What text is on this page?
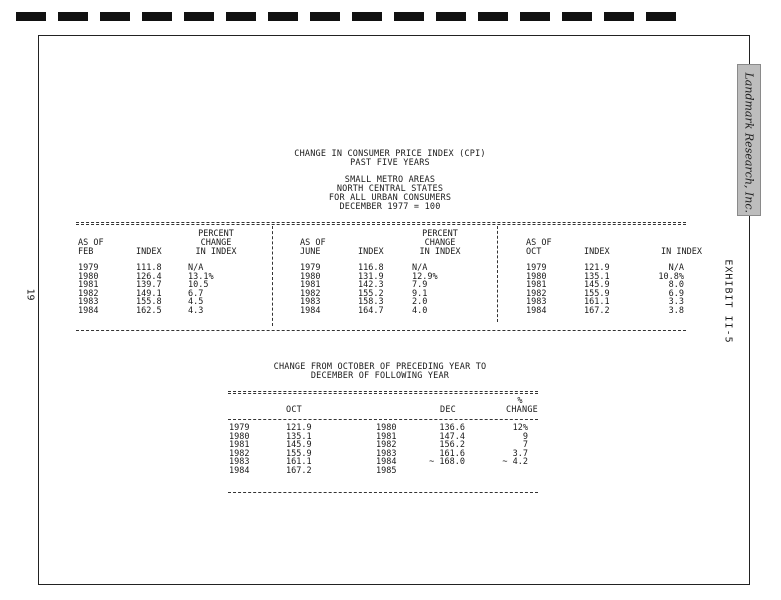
19	EXHIBIT II-5
Landmark Research, Inc.
CHANGE IN CONSUMER PRICE INDEX (CPI)
PAST FIVE YEARS
SMALL METRO AREAS
NORTH CENTRAL STATES
FOR ALL URBAN CONSUMERS
DECEMBER 1977 = 100
PERCENT
CHANGE
AS OF
FEB	INDEX	IN INDEX
1979	111.8	N/A
1980	126.4	13.1%
1981	139.7	10.5
1982	149.1	6.7
1983	155.8	4.5
1984	162.5	4.3
PERCENT
CHANGE
AS OF
JUNE	INDEX	IN INDEX
1979	116.8	N/A
1980	131.9	12.9%
1981	142.3	7.9
1982	155.2	9.1
1983	158.3	2.0
1984	164.7	4.0
AS OF
OCT	INDEX	IN INDEX
1979	121.9	N/A
1980	135.1	10.8%
1981	145.9	8.0
1982	155.9	6.9
1983	161.1	3.3
1984	167.2	3.8
CHANGE FROM OCTOBER OF PRECEDING YEAR TO
DECEMBER OF FOLLOWING YEAR
OCT	DEC
%
CHANGE
1979	121.9	1980	136.6	12%
1980	135.1	1981	147.4	9
1981	145.9	1982	156.2	7
1982	155.9	1983	161.6	3.7
1983	161.1	1984	~ 168.0	~ 4.2
1984	167.2	1985
